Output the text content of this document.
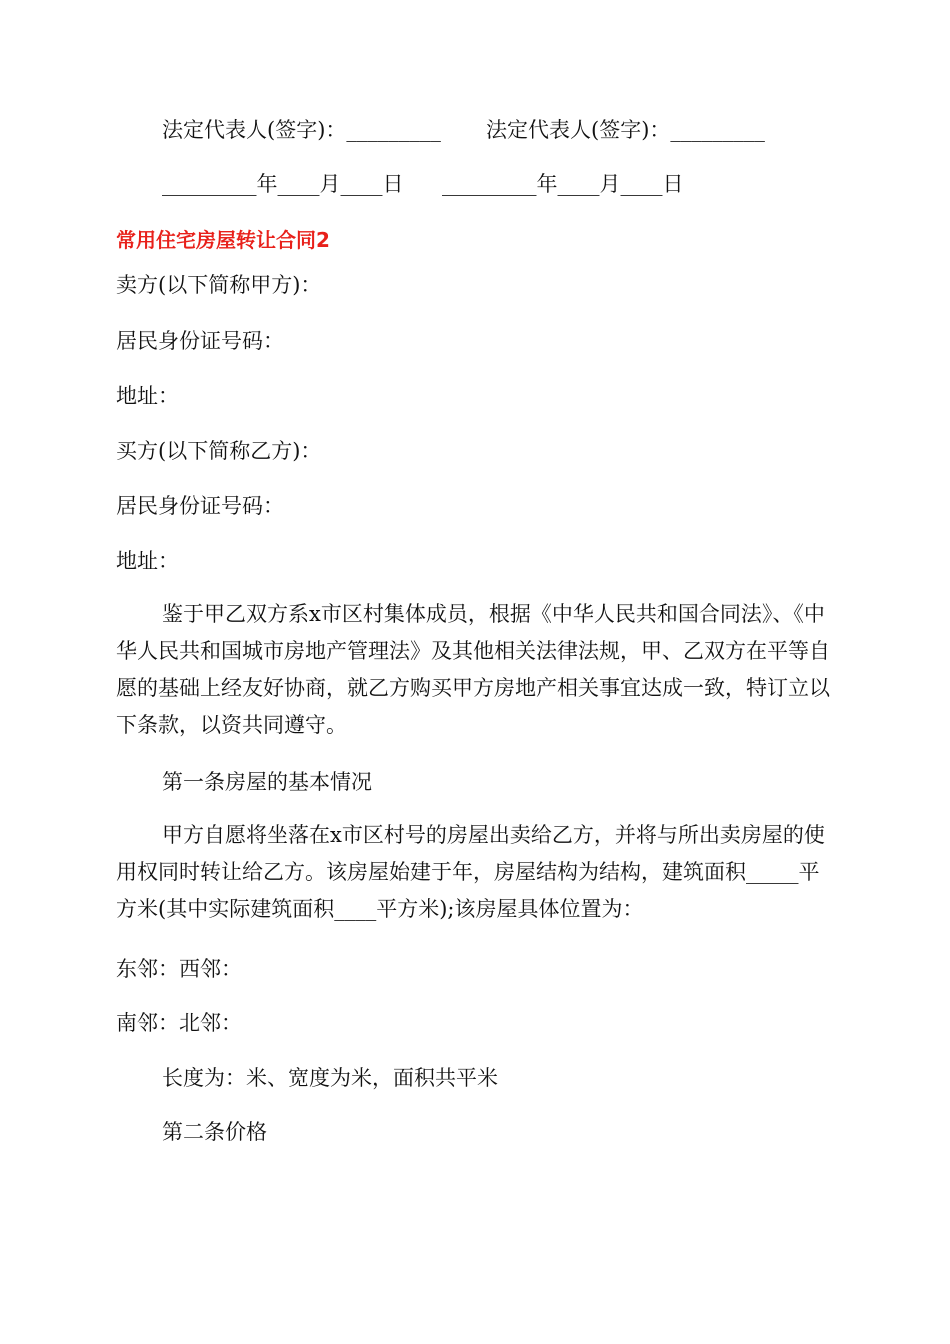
法定代表人(签字)：_________ 法定代表人(签字)：_________
_________年____月____日 _________年____月____日
常用住宅房屋转让合同2
卖方(以下简称甲方)：
居民身份证号码：
地址：
买方(以下简称乙方)：
居民身份证号码：
地址：
鉴于甲乙双方系x市区村集体成员，根据《中华人民共和国合同法》、《中华人民共和国城市房地产管理法》及其他相关法律法规，甲、乙双方在平等自愿的基础上经友好协商，就乙方购买甲方房地产相关事宜达成一致，特订立以下条款，以资共同遵守。
第一条房屋的基本情况
甲方自愿将坐落在x市区村号的房屋出卖给乙方，并将与所出卖房屋的使用权同时转让给乙方。该房屋始建于年，房屋结构为结构，建筑面积_____平方米(其中实际建筑面积____平方米);该房屋具体位置为：
东邻：西邻：
南邻：北邻：
长度为：米、宽度为米，面积共平米
第二条价格
